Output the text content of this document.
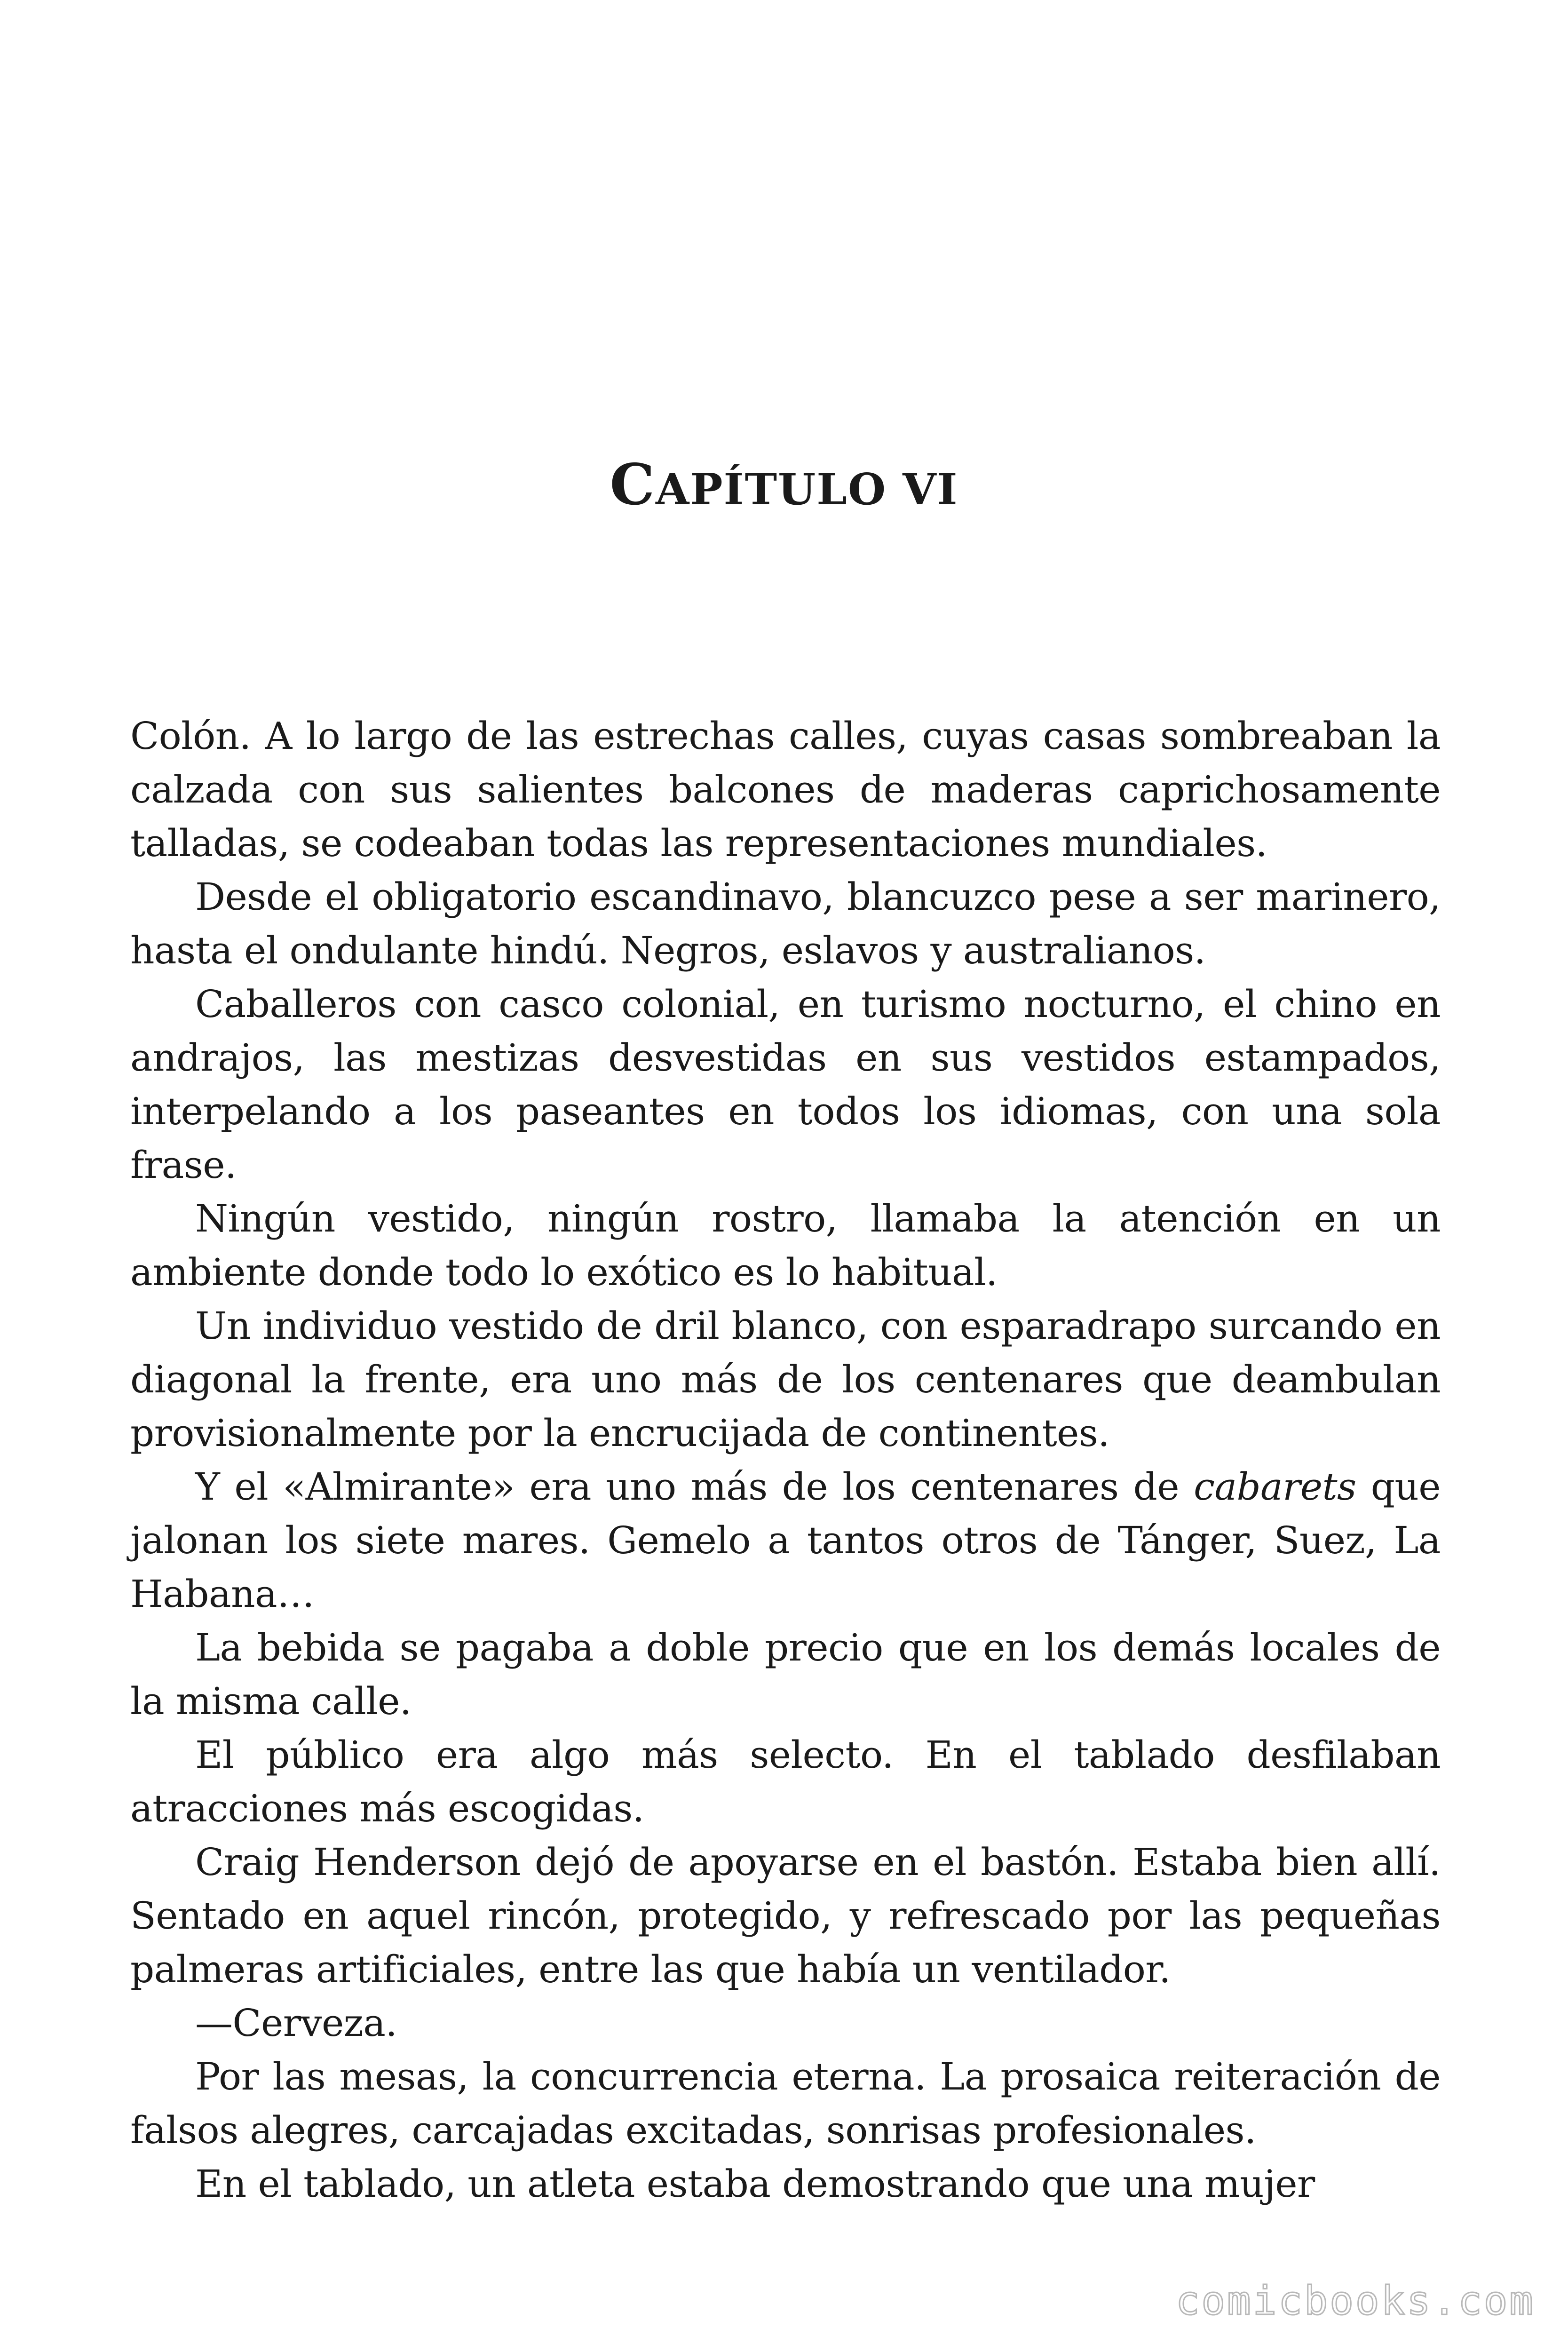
CAPÍTULO VI

Colón. A lo largo de las estrechas calles, cuyas casas sombreaban la calzada con sus salientes balcones de maderas caprichosamente talladas, se codeaban todas las representaciones mundiales.

Desde el obligatorio escandinavo, blancuzco pese a ser marinero, hasta el ondulante hindú. Negros, eslavos y australianos.

Caballeros con casco colonial, en turismo nocturno, el chino en andrajos, las mestizas desvestidas en sus vestidos estampados, interpelando a los paseantes en todos los idiomas, con una sola frase.

Ningún vestido, ningún rostro, llamaba la atención en un ambiente donde todo lo exótico es lo habitual.

Un individuo vestido de dril blanco, con esparadrapo surcando en diagonal la frente, era uno más de los centenares que deambulan provisionalmente por la encrucijada de continentes.

Y el «Almirante» era uno más de los centenares de cabarets que jalonan los siete mares. Gemelo a tantos otros de Tánger, Suez, La Habana…

La bebida se pagaba a doble precio que en los demás locales de la misma calle.

El público era algo más selecto. En el tablado desfilaban atracciones más escogidas.

Craig Henderson dejó de apoyarse en el bastón. Estaba bien allí. Sentado en aquel rincón, protegido, y refrescado por las pequeñas palmeras artificiales, entre las que había un ventilador.

—Cerveza.

Por las mesas, la concurrencia eterna. La prosaica reiteración de falsos alegres, carcajadas excitadas, sonrisas profesionales.

En el tablado, un atleta estaba demostrando que una mujer

comicbooks.com
